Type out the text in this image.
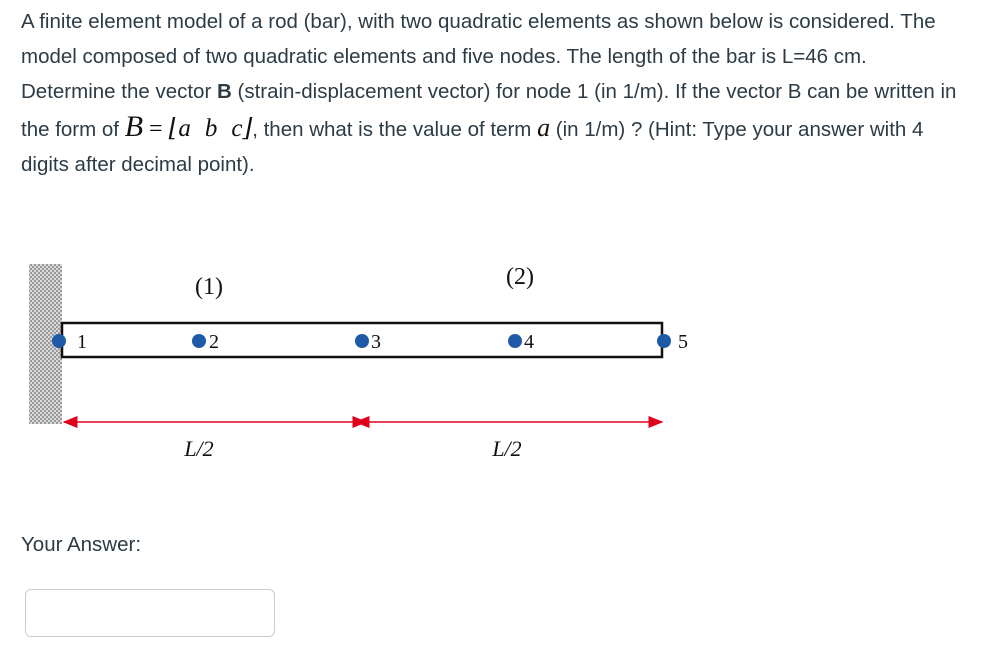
A finite element model of a rod (bar), with two quadratic elements as shown below is considered. The model composed of two quadratic elements and five nodes. The length of the bar is L=46 cm. Determine the vector B (strain-displacement vector) for node 1 (in 1/m). If the vector B can be written in the form of B = ⌊a b c⌋, then what is the value of term a (in 1/m) ? (Hint: Type your answer with 4 digits after decimal point).
(1)	(2)
1	2	3	4	5
L/2	L/2
Your Answer:
